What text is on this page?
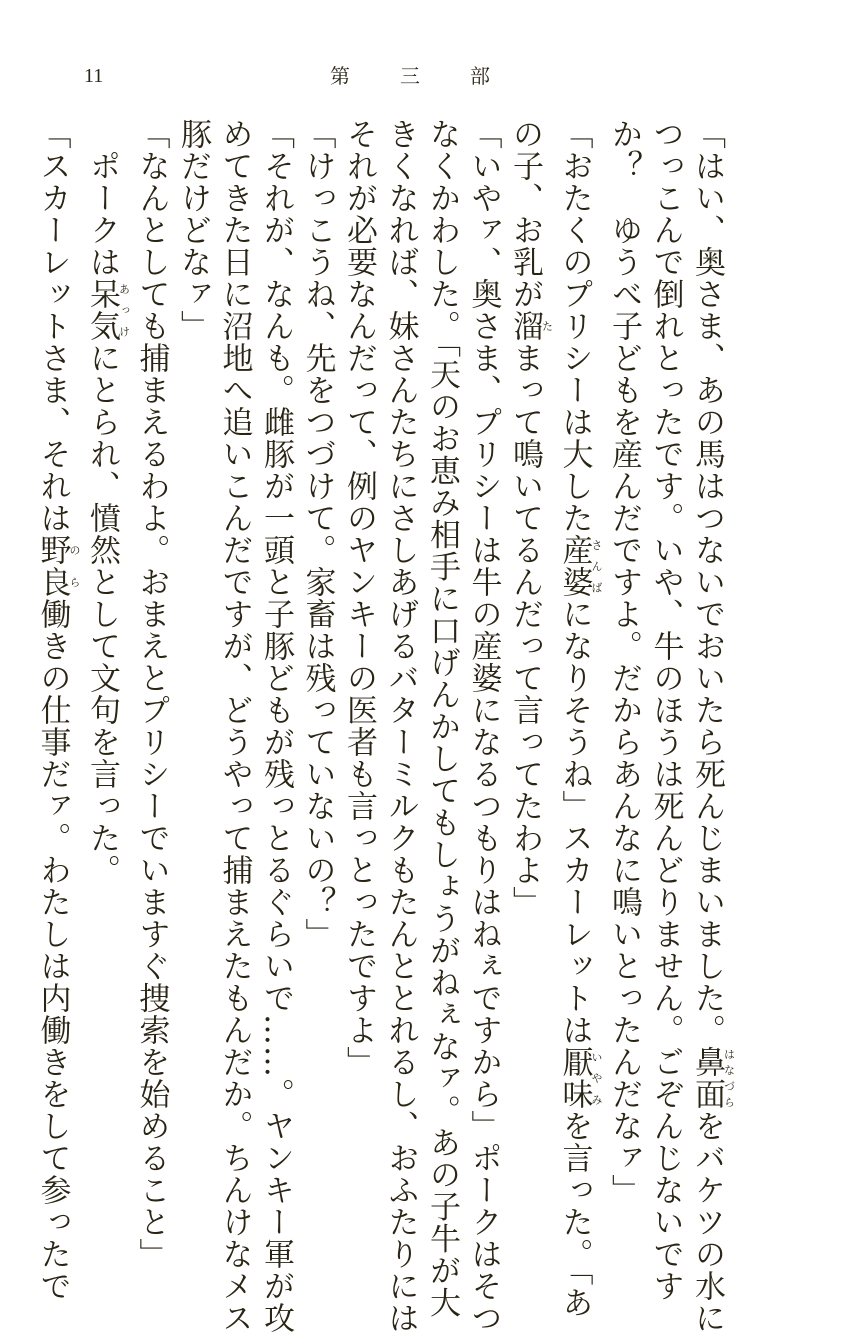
11	第	三	部
「はい、奥さま、あの馬はつないでおいたら死んじまいました。鼻面はなづらをバケツの水に
つっこんで倒れとったです。いや、牛のほうは死んどりません。ごぞんじないです
か？　ゆうべ子どもを産んだですよ。だからあんなに鳴いとったんだなァ」
「おたくのプリシーは大した産婆さんばになりそうね」スカーレットは厭味いやみを言った。「あ
の子、お乳が溜たまって鳴いてるんだって言ってたわよ」
「いやァ、奥さま、プリシーは牛の産婆になるつもりはねぇですから」ポークはそつ
なくかわした。「天のお恵み相手に口げんかしてもしょうがねぇなァ。あの子牛が大
きくなれば、妹さんたちにさしあげるバターミルクもたんととれるし、おふたりには
それが必要なんだって、例のヤンキーの医者も言っとったですよ」
「けっこうね、先をつづけて。家畜は残っていないの？」
「それが、なんも。雌豚が一頭と子豚どもが残っとるぐらいで……。ヤンキー軍が攻
めてきた日に沼地へ追いこんだですが、どうやって捕まえたもんだか。ちんけなメス
豚だけどなァ」
「なんとしても捕まえるわよ。おまえとプリシーでいますぐ捜索を始めること」
　ポークは呆気あっけにとられ、憤然として文句を言った。
「スカーレットさま、それは野良のら働きの仕事だァ。わたしは内働きをして参ったで
